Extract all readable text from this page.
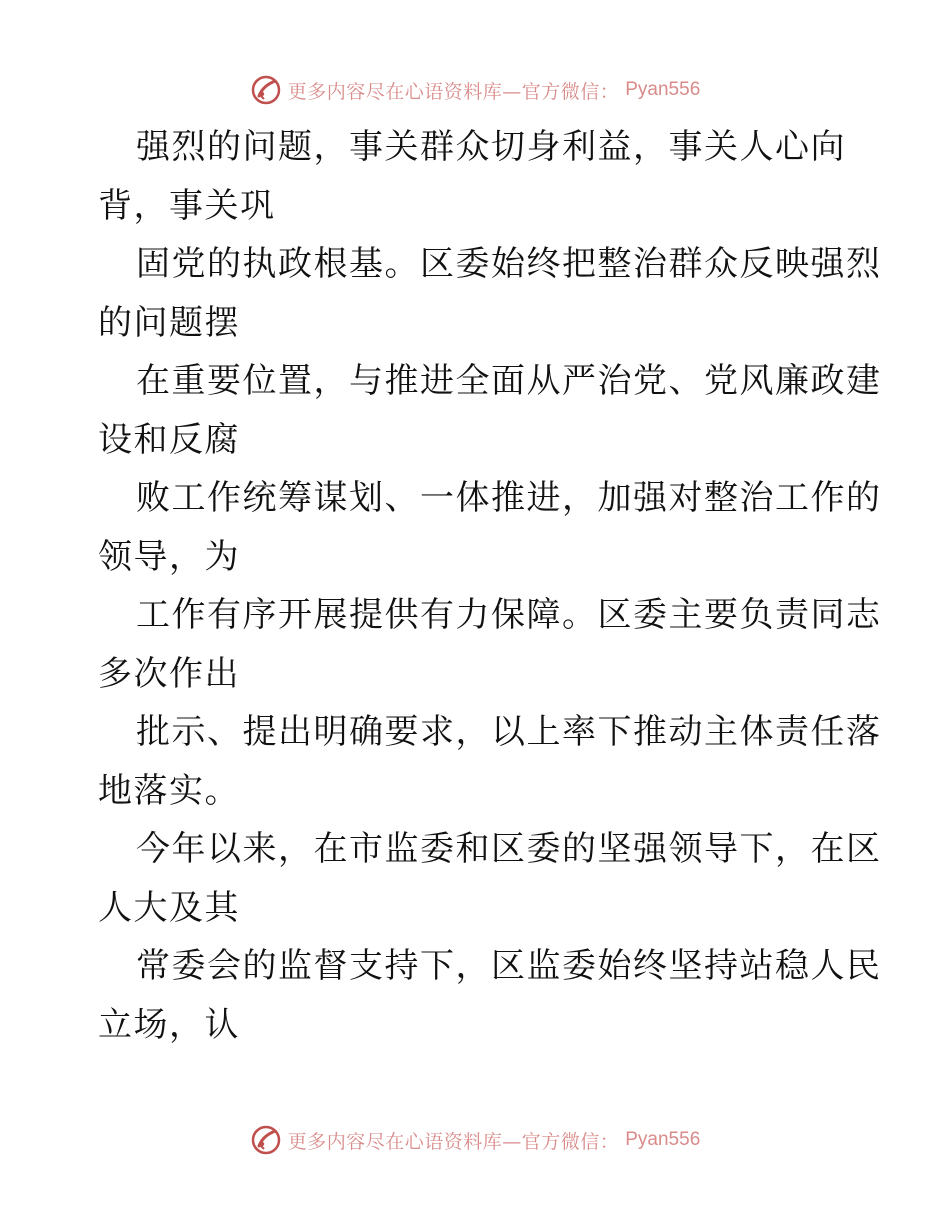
更多内容尽在心语资料库—官方微信： Pyan556
强烈的问题，事关群众切身利益，事关人心向
背，事关巩
固党的执政根基。区委始终把整治群众反映强烈
的问题摆
在重要位置，与推进全面从严治党、党风廉政建
设和反腐
败工作统筹谋划、一体推进，加强对整治工作的
领导，为
工作有序开展提供有力保障。区委主要负责同志
多次作出
批示、提出明确要求，以上率下推动主体责任落
地落实。
今年以来，在市监委和区委的坚强领导下，在区
人大及其
常委会的监督支持下，区监委始终坚持站稳人民
立场，认
更多内容尽在心语资料库—官方微信： Pyan556
